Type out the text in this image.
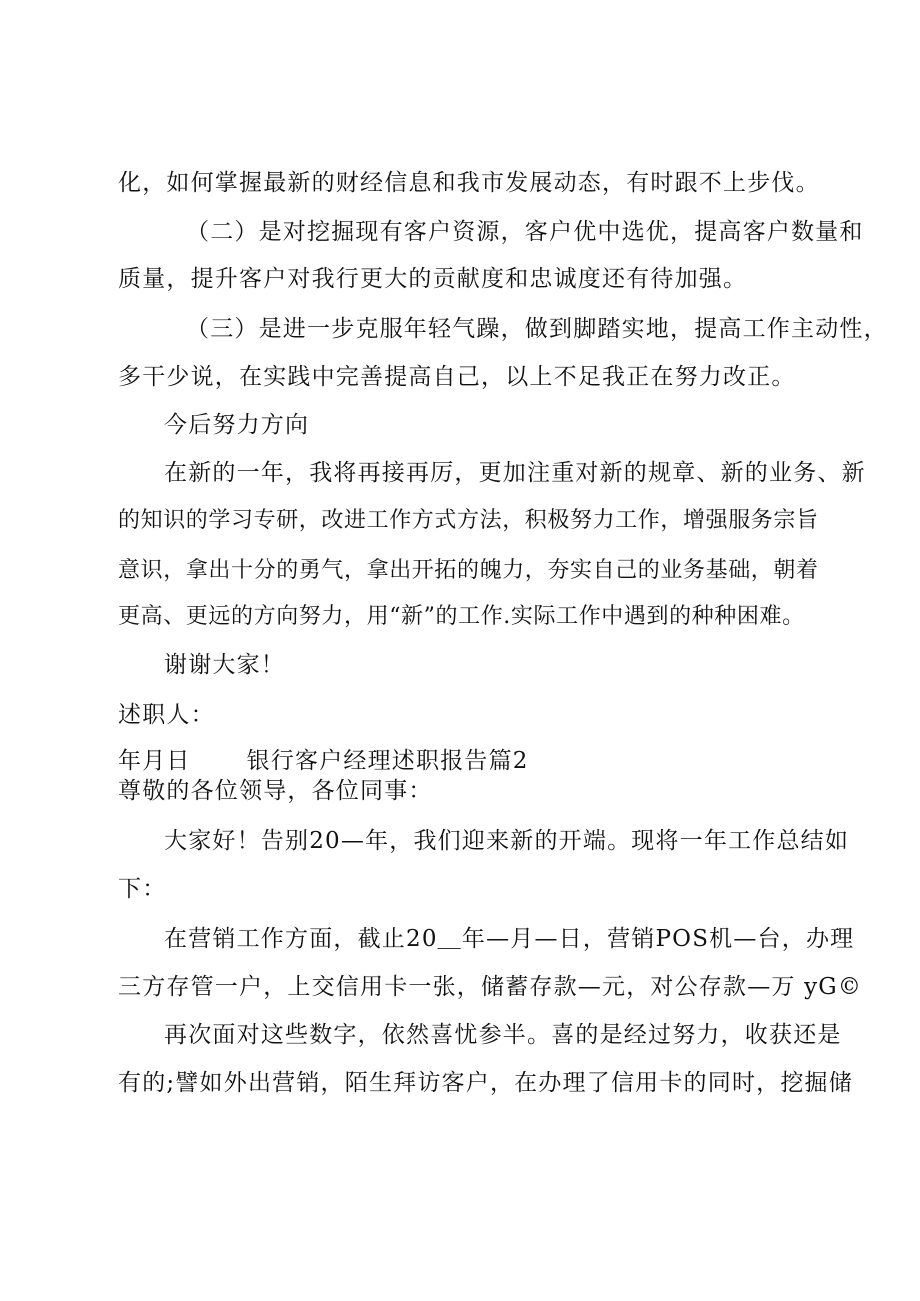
化，如何掌握最新的财经信息和我市发展动态，有时跟不上步伐。
（二）是对挖掘现有客户资源，客户优中选优，提高客户数量和
质量，提升客户对我行更大的贡献度和忠诚度还有待加强。
（三）是进一步克服年轻气躁，做到脚踏实地，提高工作主动性，
多干少说，在实践中完善提高自己，以上不足我正在努力改正。
今后努力方向
在新的一年，我将再接再厉，更加注重对新的规章、新的业务、新
的知识的学习专研，改进工作方式方法，积极努力工作，增强服务宗旨
意识，拿出十分的勇气，拿出开拓的魄力，夯实自己的业务基础，朝着
更高、更远的方向努力，用“新”的工作.实际工作中遇到的种种困难。
谢谢大家！
述职人：
年月日 银行客户经理述职报告篇2
尊敬的各位领导，各位同事：
大家好！告别20—年，我们迎来新的开端。现将一年工作总结如
下：
在营销工作方面，截止20＿年—月—日，营销POS机—台，办理
三方存管一户，上交信用卡一张，储蓄存款—元，对公存款—万 yG©
再次面对这些数字，依然喜忧参半。喜的是经过努力，收获还是
有的;譬如外出营销，陌生拜访客户，在办理了信用卡的同时，挖掘储
